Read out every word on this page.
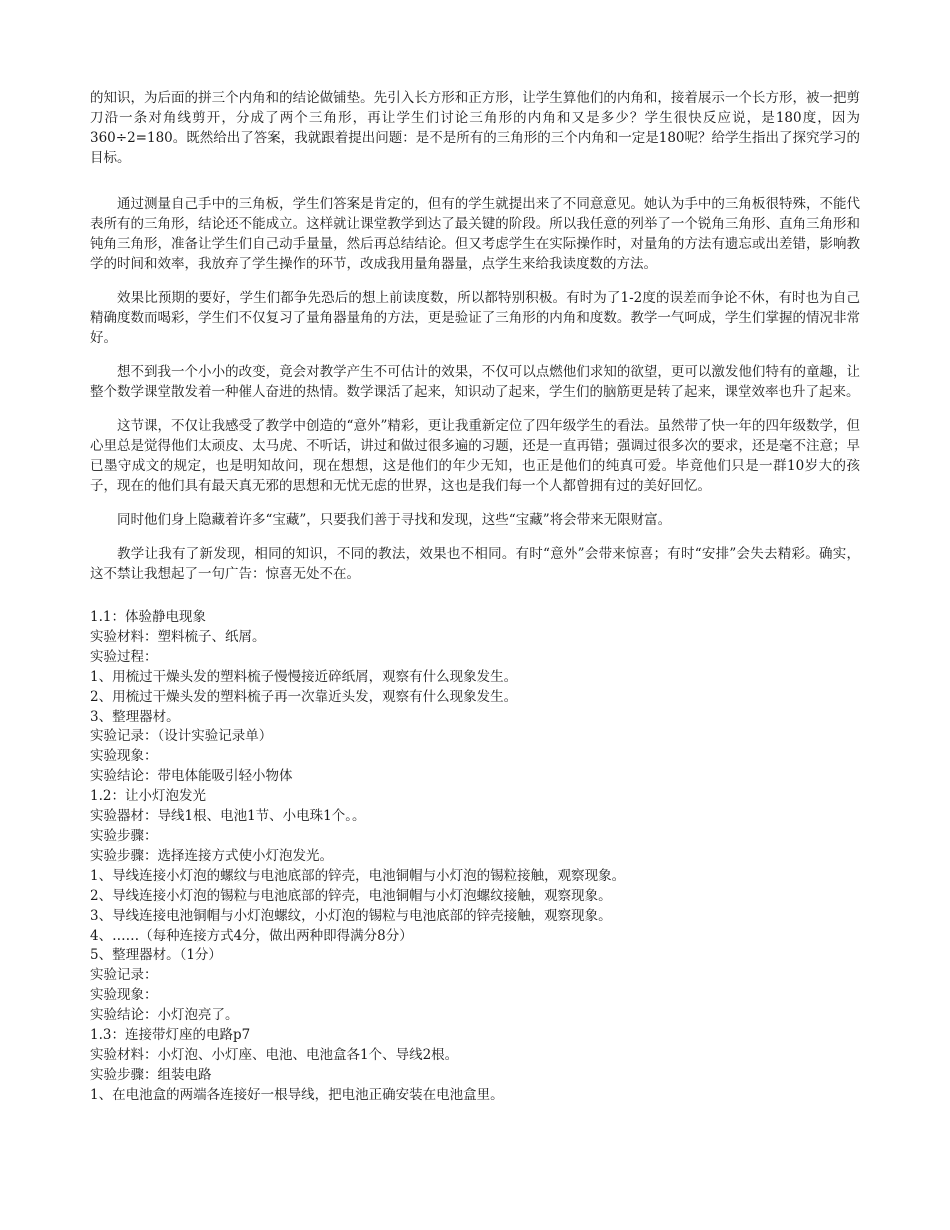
的知识，为后面的拼三个内角和的结论做铺垫。先引入长方形和正方形，让学生算他们的内角和，接着展示一个长方形，被一把剪刀沿一条对角线剪开，分成了两个三角形，再让学生们讨论三角形的内角和又是多少？学生很快反应说，是180度，因为360÷2=180。既然给出了答案，我就跟着提出问题：是不是所有的三角形的三个内角和一定是180呢？给学生指出了探究学习的目标。

通过测量自己手中的三角板，学生们答案是肯定的，但有的学生就提出来了不同意意见。她认为手中的三角板很特殊，不能代表所有的三角形，结论还不能成立。这样就让课堂教学到达了最关键的阶段。所以我任意的列举了一个锐角三角形、直角三角形和钝角三角形，准备让学生们自己动手量量，然后再总结结论。但又考虑学生在实际操作时，对量角的方法有遗忘或出差错，影响教学的时间和效率，我放弃了学生操作的环节，改成我用量角器量，点学生来给我读度数的方法。

效果比预期的要好，学生们都争先恐后的想上前读度数，所以都特别积极。有时为了1-2度的误差而争论不休，有时也为自己精确度数而喝彩，学生们不仅复习了量角器量角的方法，更是验证了三角形的内角和度数。教学一气呵成，学生们掌握的情况非常好。

想不到我一个小小的改变，竟会对教学产生不可估计的效果，不仅可以点燃他们求知的欲望，更可以激发他们特有的童趣，让整个数学课堂散发着一种催人奋进的热情。数学课活了起来，知识动了起来，学生们的脑筋更是转了起来，课堂效率也升了起来。

这节课，不仅让我感受了教学中创造的“意外”精彩，更让我重新定位了四年级学生的看法。虽然带了快一年的四年级数学，但心里总是觉得他们太顽皮、太马虎、不听话，讲过和做过很多遍的习题，还是一直再错；强调过很多次的要求，还是毫不注意；早已墨守成文的规定，也是明知故问，现在想想，这是他们的年少无知，也正是他们的纯真可爱。毕竟他们只是一群10岁大的孩子，现在的他们具有最天真无邪的思想和无忧无虑的世界，这也是我们每一个人都曾拥有过的美好回忆。

同时他们身上隐藏着许多“宝藏”，只要我们善于寻找和发现，这些“宝藏”将会带来无限财富。

教学让我有了新发现，相同的知识，不同的教法，效果也不相同。有时“意外”会带来惊喜；有时“安排”会失去精彩。确实，这不禁让我想起了一句广告：惊喜无处不在。

1.1：体验静电现象

实验材料：塑料梳子、纸屑。

实验过程：

1、用梳过干燥头发的塑料梳子慢慢接近碎纸屑，观察有什么现象发生。

2、用梳过干燥头发的塑料梳子再一次靠近头发，观察有什么现象发生。

3、整理器材。

实验记录：（设计实验记录单）

实验现象：

实验结论：带电体能吸引轻小物体

1.2：让小灯泡发光

实验器材：导线1根、电池1节、小电珠1个。。

实验步骤：

实验步骤：选择连接方式使小灯泡发光。

1、导线连接小灯泡的螺纹与电池底部的锌壳，电池铜帽与小灯泡的锡粒接触，观察现象。

2、导线连接小灯泡的锡粒与电池底部的锌壳，电池铜帽与小灯泡螺纹接触，观察现象。

3、导线连接电池铜帽与小灯泡螺纹，小灯泡的锡粒与电池底部的锌壳接触，观察现象。

4、……（每种连接方式4分，做出两种即得满分8分）

5、整理器材。（1分）

实验记录：

实验现象：

实验结论：小灯泡亮了。

1.3：连接带灯座的电路p7

实验材料：小灯泡、小灯座、电池、电池盒各1个、导线2根。

实验步骤：组装电路

1、在电池盒的两端各连接好一根导线，把电池正确安装在电池盒里。
